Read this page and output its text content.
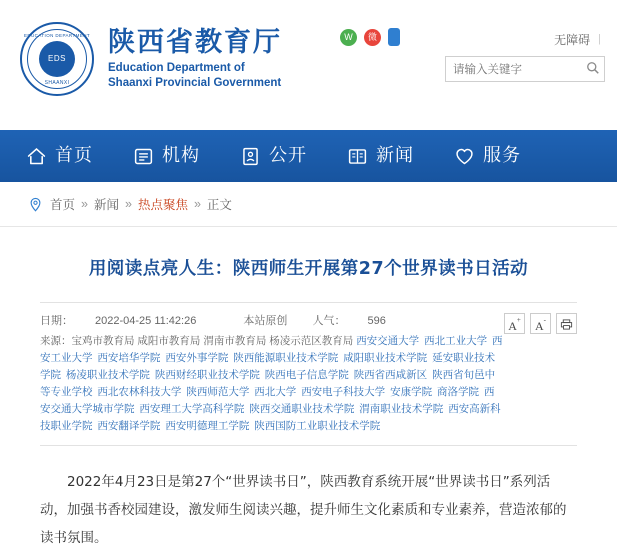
EDUCATION DEPARTMENT
EDS
SHAANXI
陕西省教育厅
Education Department of
Shaanxi Provincial Government
W	微	无障碍 |
请输入关键字
首页	机构	公开	新闻	服务
首页 » 新闻 » 热点聚焦 » 正文
用阅读点亮人生：陕西师生开展第27个世界读书日活动
日期： 2022-04-25 11:42:26	本站原创 人气： 596
来源：宝鸡市教育局 咸阳市教育局 渭南市教育局 杨凌示范区教育局 西安交通大学 西北工业大学 西安工业大学 西安培华学院 西安外事学院 陕西能源职业技术学院 咸阳职业技术学院 延安职业技术学院 杨凌职业技术学院 陕西财经职业技术学院 陕西电子信息学院 陕西省西咸新区 陕西省旬邑中等专业学校 西北农林科技大学 陕西师范大学 西北大学 西安电子科技大学 安康学院 商洛学院 西安交通大学城市学院 西安理工大学高科学院 陕西交通职业技术学院 渭南职业技术学院 西安高新科技职业学院 西安翻译学院 西安明德理工学院 陕西国防工业职业技术学院
A+	A-
2022年4月23日是第27个“世界读书日”，陕西教育系统开展“世界读书日”系列活动，加强书香校园建设，激发师生阅读兴趣，提升师生文化素质和专业素养，营造浓郁的读书氛围。
